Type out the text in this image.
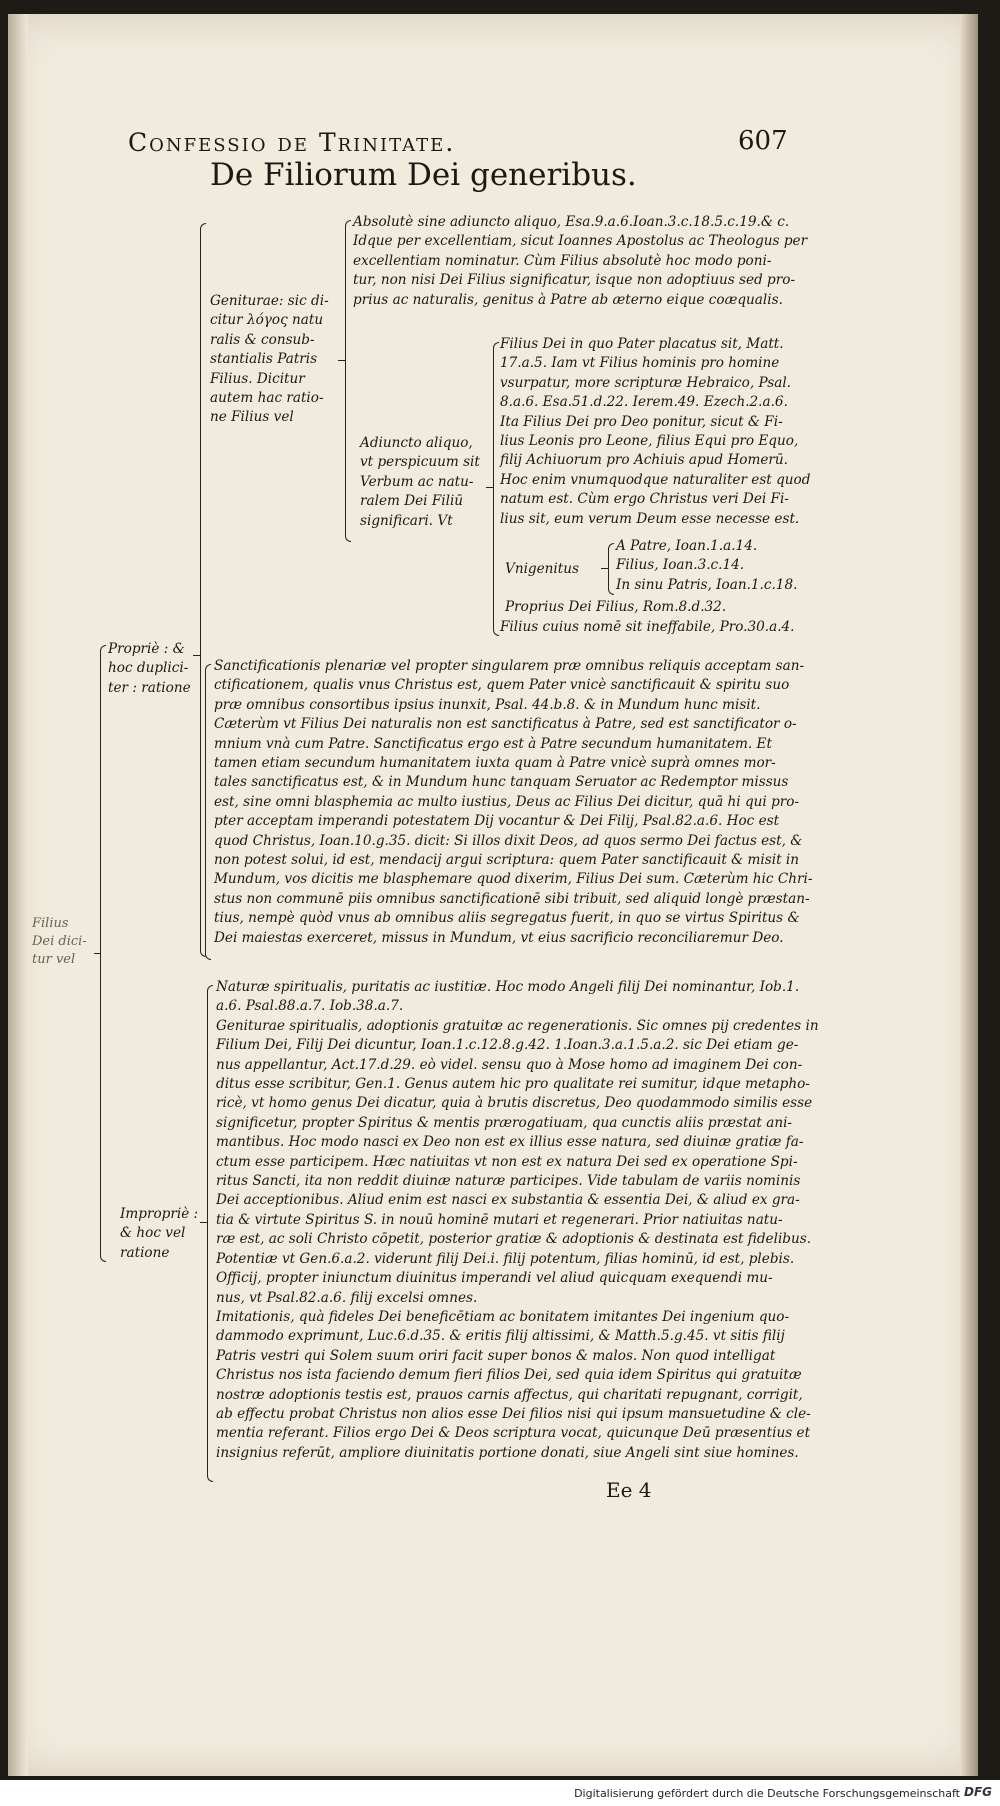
Confessio de Trinitate.	607
De Filiorum Dei generibus.
Filius
Dei dici-
tur vel
Propriè : &
hoc duplici-
ter : ratione
Geniturae: sic di-
citur λόγος natu
ralis & consub-
stantialis Patris
Filius. Dicitur
autem hac ratio-
ne Filius vel
Absolutè sine adiuncto aliquo, Esa.9.a.6.Ioan.3.c.18.5.c.19.& c.
Idque per excellentiam, sicut Ioannes Apostolus ac Theologus per
excellentiam nominatur. Cùm Filius absolutè hoc modo poni-
tur, non nisi Dei Filius significatur, isque non adoptiuus sed pro-
prius ac naturalis, genitus à Patre ab æterno eique coæqualis.
Adiuncto aliquo,
vt perspicuum sit
Verbum ac natu-
ralem Dei Filiū
significari. Vt
Filius Dei in quo Pater placatus sit, Matt.
17.a.5. Iam vt Filius hominis pro homine
vsurpatur, more scripturæ Hebraico, Psal.
8.a.6. Esa.51.d.22. Ierem.49. Ezech.2.a.6.
Ita Filius Dei pro Deo ponitur, sicut & Fi-
lius Leonis pro Leone, filius Equi pro Equo,
filij Achiuorum pro Achiuis apud Homerū.
Hoc enim vnumquodque naturaliter est quod
natum est. Cùm ergo Christus veri Dei Fi-
lius sit, eum verum Deum esse necesse est.
Vnigenitus
A Patre, Ioan.1.a.14.
Filius, Ioan.3.c.14.
In sinu Patris, Ioan.1.c.18.
Proprius Dei Filius, Rom.8.d.32.
Filius cuius nomē sit ineffabile, Pro.30.a.4.
Sanctificationis plenariæ vel propter singularem præ omnibus reliquis acceptam san-
ctificationem, qualis vnus Christus est, quem Pater vnicè sanctificauit & spiritu suo
præ omnibus consortibus ipsius inunxit, Psal. 44.b.8. & in Mundum hunc misit.
Cæterùm vt Filius Dei naturalis non est sanctificatus à Patre, sed est sanctificator o-
mnium vnà cum Patre. Sanctificatus ergo est à Patre secundum humanitatem. Et
tamen etiam secundum humanitatem iuxta quam à Patre vnicè suprà omnes mor-
tales sanctificatus est, & in Mundum hunc tanquam Seruator ac Redemptor missus
est, sine omni blasphemia ac multo iustius, Deus ac Filius Dei dicitur, quā hi qui pro-
pter acceptam imperandi potestatem Dij vocantur & Dei Filij, Psal.82.a.6. Hoc est
quod Christus, Ioan.10.g.35. dicit: Si illos dixit Deos, ad quos sermo Dei factus est, &
non potest solui, id est, mendacij argui scriptura: quem Pater sanctificauit & misit in
Mundum, vos dicitis me blasphemare quod dixerim, Filius Dei sum. Cæterùm hic Chri-
stus non communē piis omnibus sanctificationē sibi tribuit, sed aliquid longè præstan-
tius, nempè quòd vnus ab omnibus aliis segregatus fuerit, in quo se virtus Spiritus &
Dei maiestas exerceret, missus in Mundum, vt eius sacrificio reconciliaremur Deo.
Impropriè :
& hoc vel
ratione
Naturæ spiritualis, puritatis ac iustitiæ. Hoc modo Angeli filij Dei nominantur, Iob.1.
a.6. Psal.88.a.7. Iob.38.a.7.
Geniturae spiritualis, adoptionis gratuitæ ac regenerationis. Sic omnes pij credentes in
Filium Dei, Filij Dei dicuntur, Ioan.1.c.12.8.g.42. 1.Ioan.3.a.1.5.a.2. sic Dei etiam ge-
nus appellantur, Act.17.d.29. eò videl. sensu quo à Mose homo ad imaginem Dei con-
ditus esse scribitur, Gen.1. Genus autem hic pro qualitate rei sumitur, idque metapho-
ricè, vt homo genus Dei dicatur, quia à brutis discretus, Deo quodammodo similis esse
significetur, propter Spiritus & mentis prærogatiuam, qua cunctis aliis præstat ani-
mantibus. Hoc modo nasci ex Deo non est ex illius esse natura, sed diuinæ gratiæ fa-
ctum esse participem. Hæc natiuitas vt non est ex natura Dei sed ex operatione Spi-
ritus Sancti, ita non reddit diuinæ naturæ participes. Vide tabulam de variis nominis
Dei acceptionibus. Aliud enim est nasci ex substantia & essentia Dei, & aliud ex gra-
tia & virtute Spiritus S. in nouū hominē mutari et regenerari. Prior natiuitas natu-
ræ est, ac soli Christo cōpetit, posterior gratiæ & adoptionis & destinata est fidelibus.
Potentiæ vt Gen.6.a.2. viderunt filij Dei.i. filij potentum, filias hominū, id est, plebis.
Officij, propter iniunctum diuinitus imperandi vel aliud quicquam exequendi mu-
nus, vt Psal.82.a.6. filij excelsi omnes.
Imitationis, quà fideles Dei beneficētiam ac bonitatem imitantes Dei ingenium quo-
dammodo exprimunt, Luc.6.d.35. & eritis filij altissimi, & Matth.5.g.45. vt sitis filij
Patris vestri qui Solem suum oriri facit super bonos & malos. Non quod intelligat
Christus nos ista faciendo demum fieri filios Dei, sed quia idem Spiritus qui gratuitæ
nostræ adoptionis testis est, prauos carnis affectus, qui charitati repugnant, corrigit,
ab effectu probat Christus non alios esse Dei filios nisi qui ipsum mansuetudine & cle-
mentia referant. Filios ergo Dei & Deos scriptura vocat, quicunque Deū præsentius et
insignius referūt, ampliore diuinitatis portione donati, siue Angeli sint siue homines.
Ee 4
Digitalisierung gefördert durch die Deutsche Forschungsgemeinschaft DFG
